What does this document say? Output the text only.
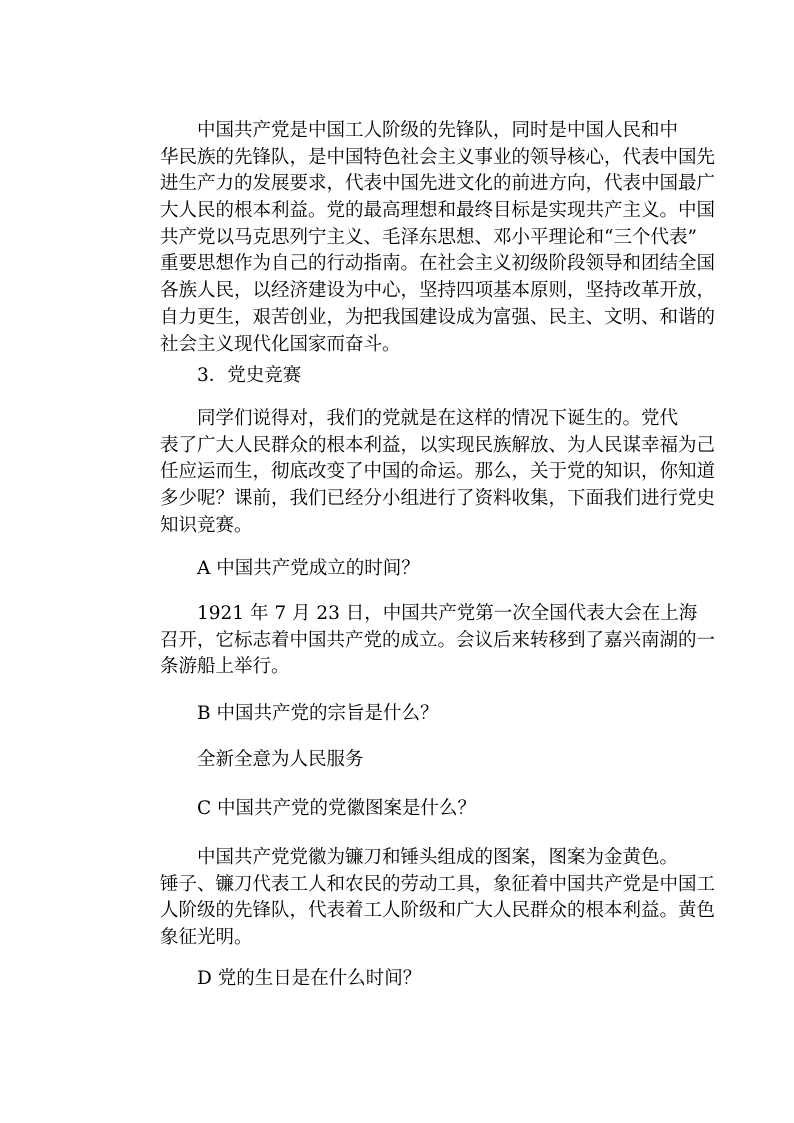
中国共产党是中国工人阶级的先锋队，同时是中国人民和中
华民族的先锋队，是中国特色社会主义事业的领导核心，代表中国先
进生产力的发展要求，代表中国先进文化的前进方向，代表中国最广
大人民的根本利益。党的最高理想和最终目标是实现共产主义。中国
共产党以马克思列宁主义、毛泽东思想、邓小平理论和“三个代表”
重要思想作为自己的行动指南。在社会主义初级阶段领导和团结全国
各族人民，以经济建设为中心，坚持四项基本原则，坚持改革开放，
自力更生，艰苦创业，为把我国建设成为富强、民主、文明、和谐的
社会主义现代化国家而奋斗。
3．党史竞赛
同学们说得对，我们的党就是在这样的情况下诞生的。党代
表了广大人民群众的根本利益，以实现民族解放、为人民谋幸福为己
任应运而生，彻底改变了中国的命运。那么，关于党的知识，你知道
多少呢？课前，我们已经分小组进行了资料收集，下面我们进行党史
知识竞赛。
A 中国共产党成立的时间？
1921 年 7 月 23 日，中国共产党第一次全国代表大会在上海
召开，它标志着中国共产党的成立。会议后来转移到了嘉兴南湖的一
条游船上举行。
B 中国共产党的宗旨是什么？
全新全意为人民服务
C 中国共产党的党徽图案是什么？
中国共产党党徽为镰刀和锤头组成的图案，图案为金黄色。
锤子、镰刀代表工人和农民的劳动工具，象征着中国共产党是中国工
人阶级的先锋队，代表着工人阶级和广大人民群众的根本利益。黄色
象征光明。
D 党的生日是在什么时间？
